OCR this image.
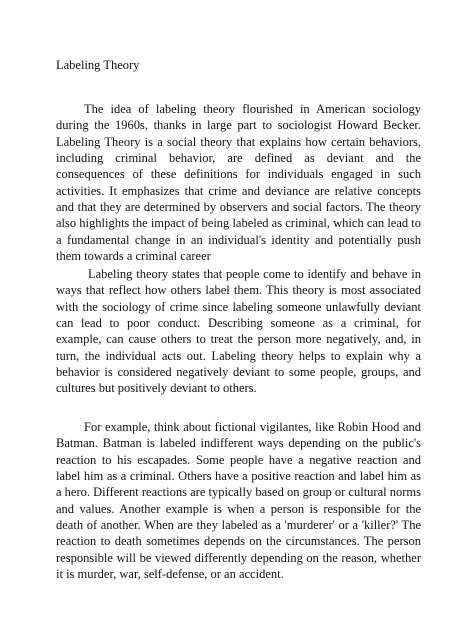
Labeling Theory

The idea of labeling theory flourished in American sociology during the 1960s, thanks in large part to sociologist Howard Becker. Labeling Theory is a social theory that explains how certain behaviors, including criminal behavior, are defined as deviant and the consequences of these definitions for individuals engaged in such activities. It emphasizes that crime and deviance are relative concepts and that they are determined by observers and social factors. The theory also highlights the impact of being labeled as criminal, which can lead to a fundamental change in an individual's identity and potentially push them towards a criminal career

Labeling theory states that people come to identify and behave in ways that reflect how others label them. This theory is most associated with the sociology of crime since labeling someone unlawfully deviant can lead to poor conduct. Describing someone as a criminal, for example, can cause others to treat the person more negatively, and, in turn, the individual acts out. Labeling theory helps to explain why a behavior is considered negatively deviant to some people, groups, and cultures but positively deviant to others.

For example, think about fictional vigilantes, like Robin Hood and Batman. Batman is labeled indifferent ways depending on the public's reaction to his escapades. Some people have a negative reaction and label him as a criminal. Others have a positive reaction and label him as a hero. Different reactions are typically based on group or cultural norms and values. Another example is when a person is responsible for the death of another. When are they labeled as a 'murderer' or a 'killer?' The reaction to death sometimes depends on the circumstances. The person responsible will be viewed differently depending on the reason, whether it is murder, war, self-defense, or an accident.
